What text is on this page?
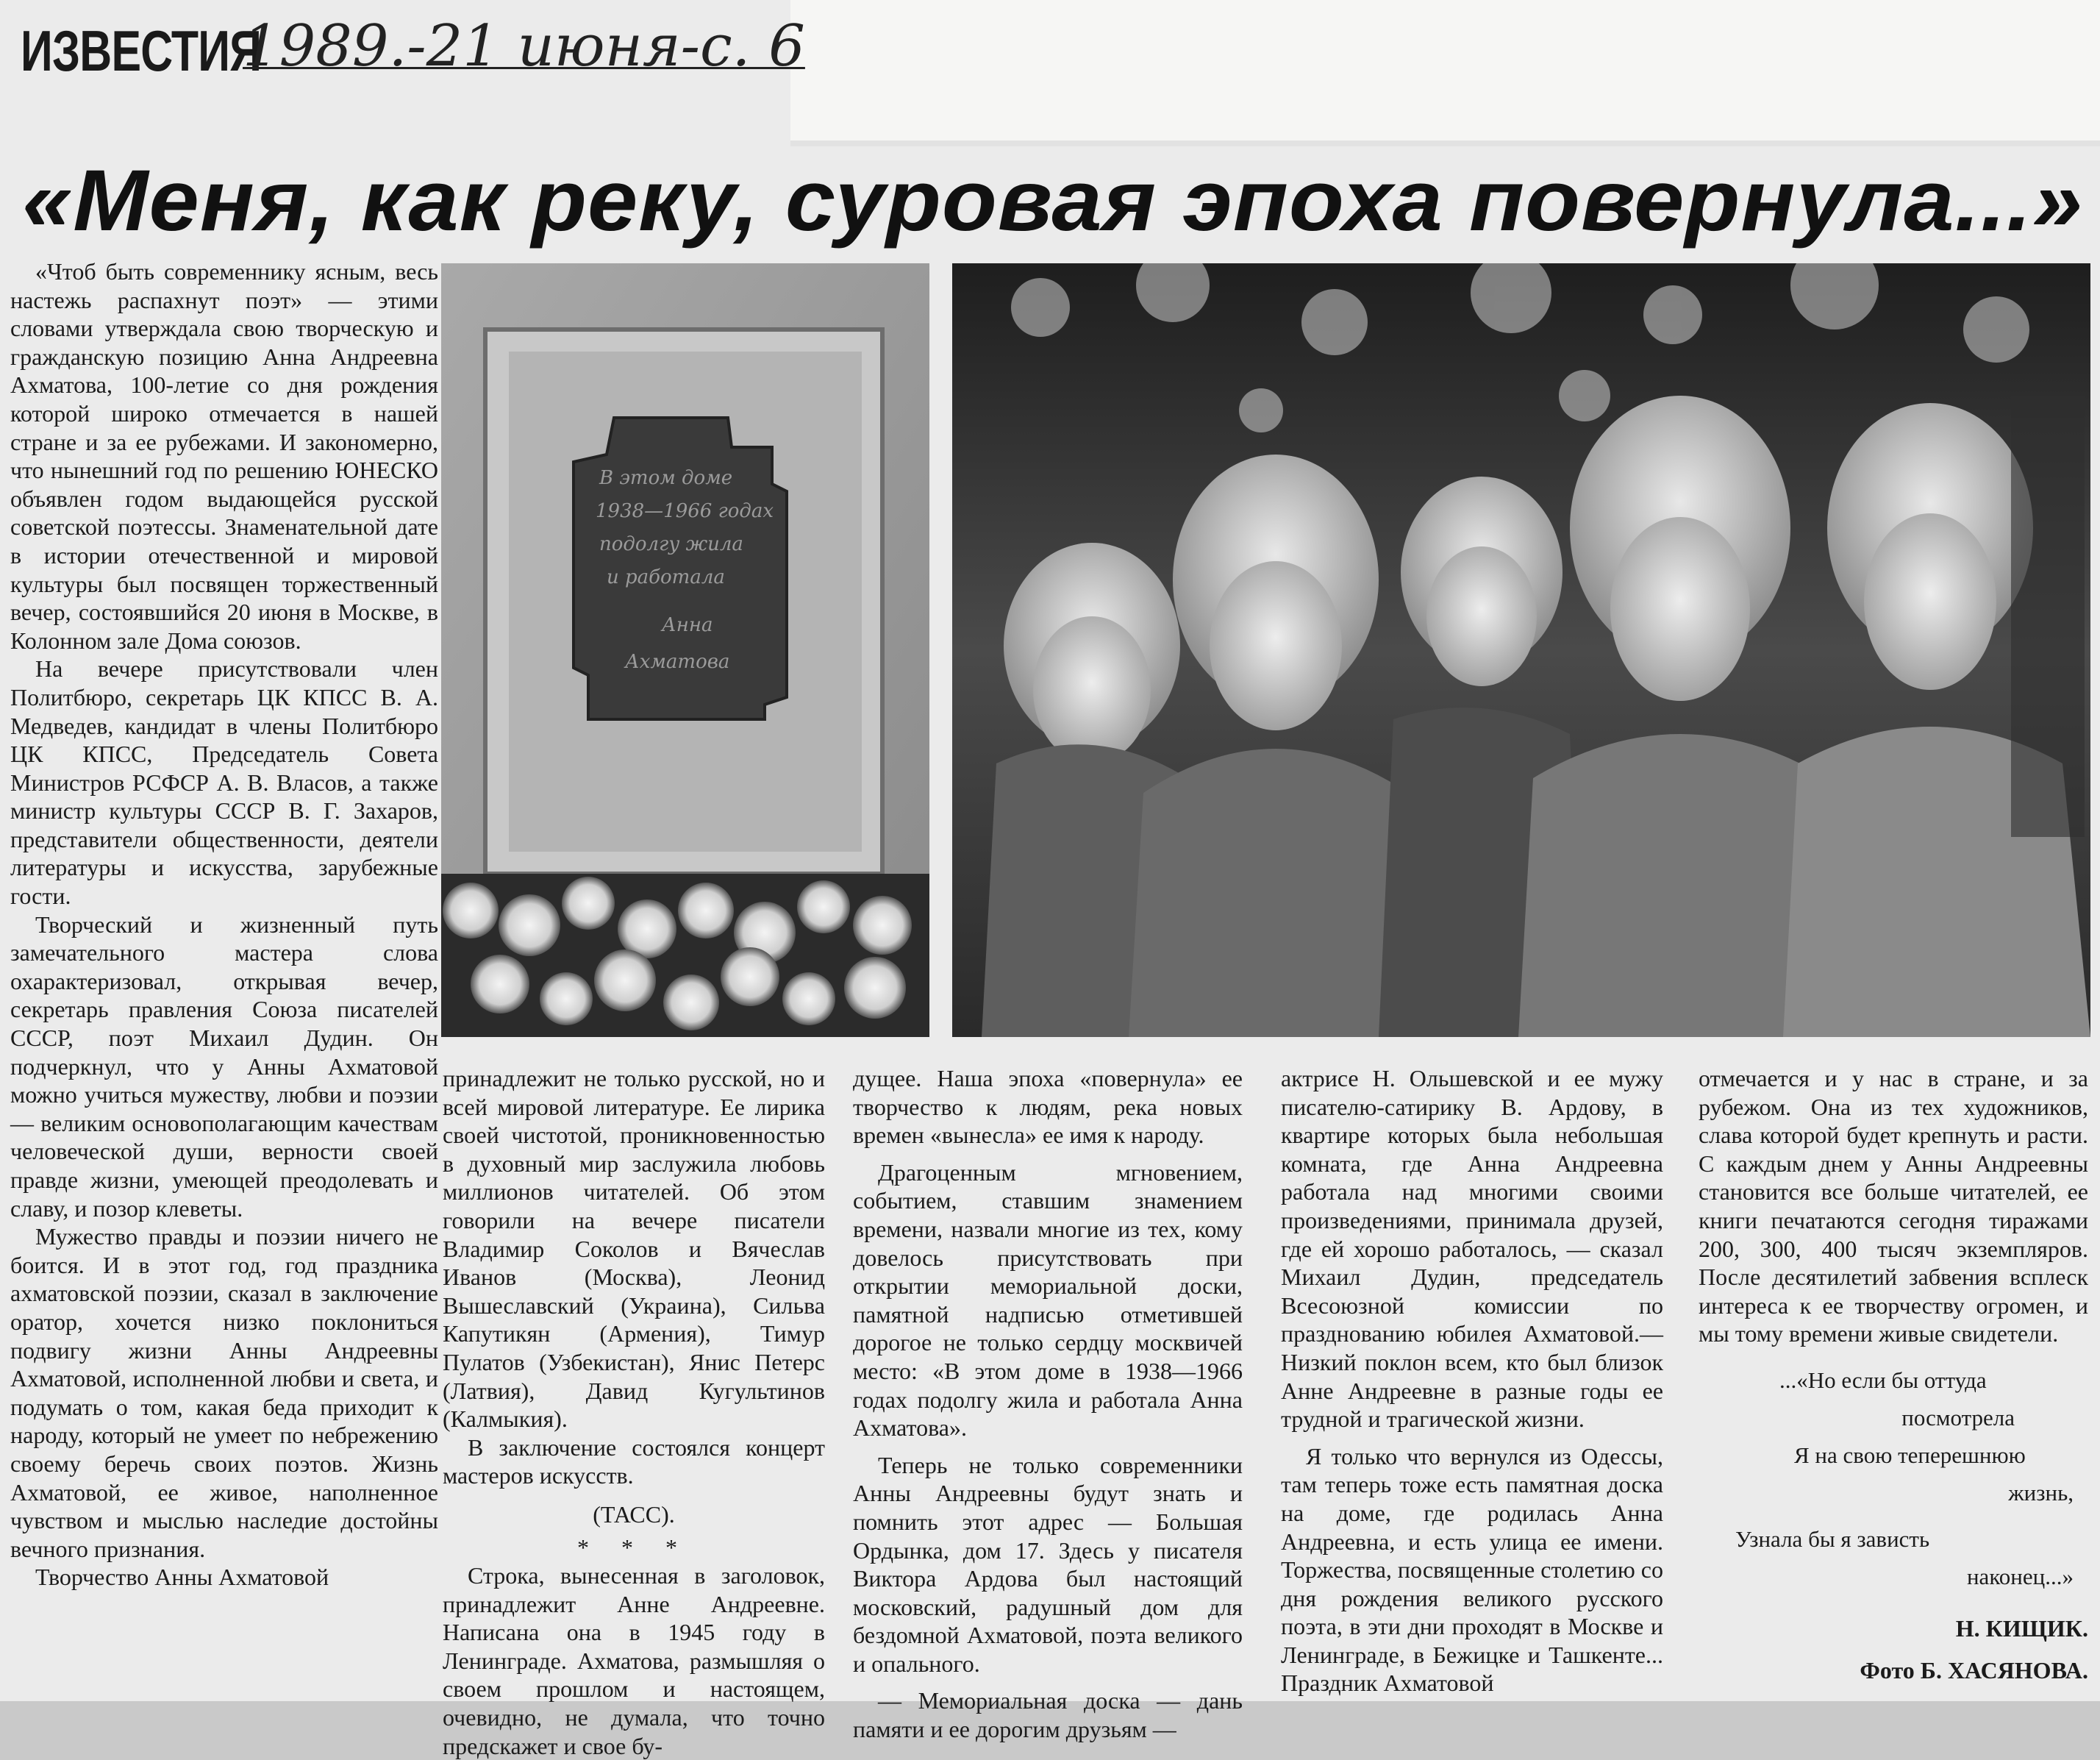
ИЗВЕСТИЯ
1989.-21 июня-с. 6
«Меня, как реку, суровая эпоха повернула...»

«Чтоб быть современнику ясным, весь настежь распахнут поэт» — этими словами утверждала свою творческую и гражданскую позицию Анна Андреевна Ахматова, 100-летие со дня рождения которой широко отмечается в нашей стране и за ее рубежами. И закономерно, что нынешний год по решению ЮНЕСКО объявлен годом выдающейся русской советской поэтессы. Знаменательной дате в истории отечественной и мировой культуры был посвящен торжественный вечер, состоявшийся 20 июня в Москве, в Колонном зале Дома союзов.

На вечере присутствовали член Политбюро, секретарь ЦК КПСС В. А. Медведев, кандидат в члены Политбюро ЦК КПСС, Председатель Совета Министров РСФСР А. В. Власов, а также министр культуры СССР В. Г. Захаров, представители общественности, деятели литературы и искусства, зарубежные гости.

Творческий и жизненный путь замечательного мастера слова охарактеризовал, открывая вечер, секретарь правления Союза писателей СССР, поэт Михаил Дудин. Он подчеркнул, что у Анны Ахматовой можно учиться мужеству, любви и поэзии — великим основополагающим качествам человеческой души, верности своей правде жизни, умеющей преодолевать и славу, и позор клеветы.

Мужество правды и поэзии ничего не боится. И в этот год, год праздника ахматовской поэзии, сказал в заключение оратор, хочется низко поклониться подвигу жизни Анны Андреевны Ахматовой, исполненной любви и света, и подумать о том, какая беда приходит к народу, который не умеет по небрежению своему беречь своих поэтов. Жизнь Ахматовой, ее живое, наполненное чувством и мыслью наследие достойны вечного признания.

Творчество Анны Ахматовой

В этом доме
1938—1966 годах
подолгу жила
и работала
Анна
Ахматова

принадлежит не только русской, но и всей мировой литературе. Ее лирика своей чистотой, проникновенностью в духовный мир заслужила любовь миллионов читателей. Об этом говорили на вечере писатели Владимир Соколов и Вячеслав Иванов (Москва), Леонид Вышеславский (Украина), Сильва Капутикян (Армения), Тимур Пулатов (Узбекистан), Янис Петерс (Латвия), Давид Кугультинов (Калмыкия).

В заключение состоялся концерт мастеров искусств.

(ТАСС).

* * *

Строка, вынесенная в заголовок, принадлежит Анне Андреевне. Написана она в 1945 году в Ленинграде. Ахматова, размышляя о своем прошлом и настоящем, очевидно, не думала, что точно предскажет и свое бу-

дущее. Наша эпоха «повернула» ее творчество к людям, река новых времен «вынесла» ее имя к народу.

Драгоценным мгновением, событием, ставшим знамением времени, назвали многие из тех, кому довелось присутствовать при открытии мемориальной доски, памятной надписью отметившей дорогое не только сердцу москвичей место: «В этом доме в 1938—1966 годах подолгу жила и работала Анна Ахматова».

Теперь не только современники Анны Андреевны будут знать и помнить этот адрес — Большая Ордынка, дом 17. Здесь у писателя Виктора Ардова был настоящий московский, радушный дом для бездомной Ахматовой, поэта великого и опального.

— Мемориальная доска — дань памяти и ее дорогим друзьям —

актрисе Н. Ольшевской и ее мужу писателю-сатирику В. Ардову, в квартире которых была небольшая комната, где Анна Андреевна работала над многими своими произведениями, принимала друзей, где ей хорошо работалось, — сказал Михаил Дудин, председатель Всесоюзной комиссии по празднованию юбилея Ахматовой.— Низкий поклон всем, кто был близок Анне Андреевне в разные годы ее трудной и трагической жизни.

Я только что вернулся из Одессы, там теперь тоже есть памятная доска на доме, где родилась Анна Андреевна, и есть улица ее имени. Торжества, посвященные столетию со дня рождения великого русского поэта, в эти дни проходят в Москве и Ленинграде, в Бежицке и Ташкенте... Праздник Ахматовой

отмечается и у нас в стране, и за рубежом. Она из тех художников, слава которой будет крепнуть и расти. С каждым днем у Анны Андреевны становится все больше читателей, ее книги печатаются сегодня тиражами 200, 300, 400 тысяч экземпляров. После десятилетий забвения всплеск интереса к ее творчеству огромен, и мы тому времени живые свидетели.

...«Но если бы оттуда

посмотрела

Я на свою теперешнюю

жизнь,

Узнала бы я зависть

наконец...»

Н. КИЩИК.

Фото Б. ХАСЯНОВА.
